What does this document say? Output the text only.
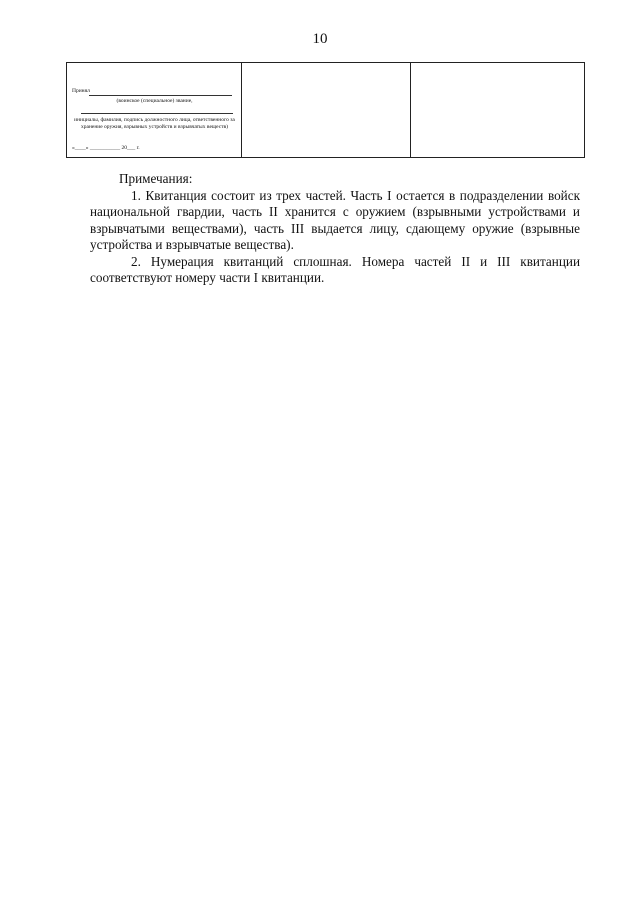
10
Принял
(воинское (специальное) звание,
инициалы, фамилия, подпись должностного лица, ответственного за хранение оружия, взрывных устройств и взрывчатых веществ)
«____» ___________ 20___ г.
Примечания:

1. Квитанция состоит из трех частей. Часть I остается в подразделении войск национальной гвардии, часть II хранится с оружием (взрывными устройствами и взрывчатыми веществами), часть III выдается лицу, сдающему оружие (взрывные устройства и взрывчатые вещества).

2. Нумерация квитанций сплошная. Номера частей II и III квитанции соответствуют номеру части I квитанции.
